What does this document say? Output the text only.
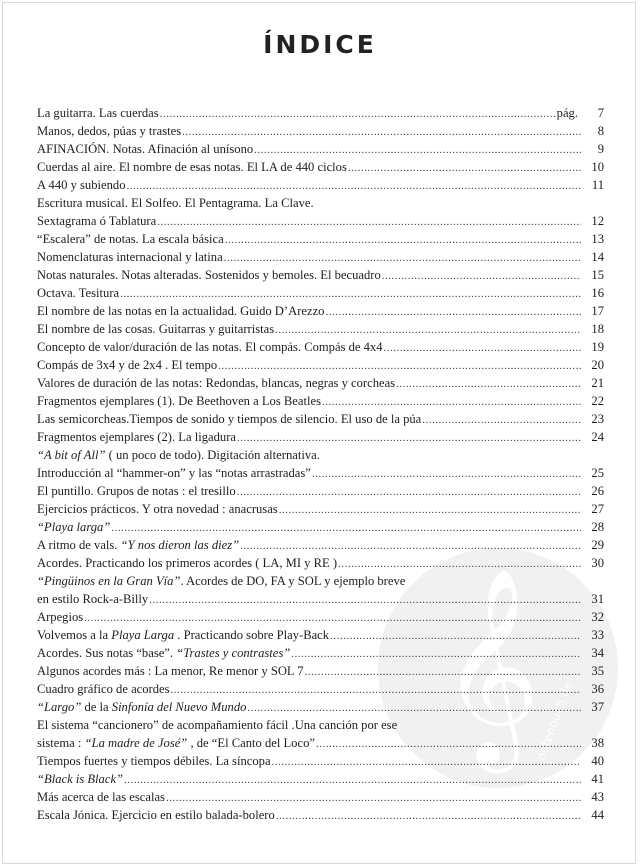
𝄞
notenbuch.de
ÍNDICE
La guitarra. Las cuerdas .....	pág.	7
Manos, dedos, púas y trastes .....	8
AFINACIÓN. Notas. Afinación al unísono .....	9
Cuerdas al aire. El nombre de esas notas. El LA de 440 ciclos .....	10
A 440 y subiendo .....	11
Escritura musical. El Solfeo. El Pentagrama. La Clave.
Sextagrama ó Tablatura .....	12
“Escalera” de notas. La escala básica .....	13
Nomenclaturas internacional y latina .....	14
Notas naturales. Notas alteradas. Sostenidos y bemoles. El becuadro .....	15
Octava. Tesitura .....	16
El nombre de las notas en la actualidad. Guido D’Arezzo .....	17
El nombre de las cosas. Guitarras y guitarristas .....	18
Concepto de valor/duración de las notas. El compás. Compás de 4x4 .....	19
Compás de 3x4 y de 2x4 . El tempo .....	20
Valores de duración de las notas: Redondas, blancas, negras y corcheas .....	21
Fragmentos ejemplares (1). De Beethoven a Los Beatles .....	22
Las semicorcheas.Tiempos de sonido y tiempos de silencio. El uso de la púa .....	23
Fragmentos ejemplares (2). La ligadura .....	24
“A bit of All” ( un poco de todo). Digitación alternativa.
Introducción al “hammer-on” y las “notas arrastradas” .....	25
El puntillo. Grupos de notas : el tresillo .....	26
Ejercicios prácticos. Y otra novedad : anacrusas .....	27
“Playa larga” .....	28
A ritmo de vals. “Y nos dieron las diez” .....	29
Acordes. Practicando los primeros acordes ( LA, MI y RE ) .....	30
“Pingüinos en la Gran Vía”. Acordes de DO, FA y SOL y ejemplo breve
en estilo Rock-a-Billy .....	31
Arpegios .....	32
Volvemos a la Playa Larga . Practicando sobre Play-Back .....	33
Acordes. Sus notas “base”. “Trastes y contrastes” .....	34
Algunos acordes más : La menor, Re menor y SOL 7 .....	35
Cuadro gráfico de acordes .....	36
“Largo” de la Sinfonía del Nuevo Mundo .....	37
El sistema “cancionero” de acompañamiento fácil .Una canción por ese
sistema : “La madre de José” , de “El Canto del Loco” .....	38
Tiempos fuertes y tiempos débiles. La síncopa .....	40
“Black is Black” .....	41
Más acerca de las escalas .....	43
Escala Jónica. Ejercicio en estilo balada-bolero .....	44
